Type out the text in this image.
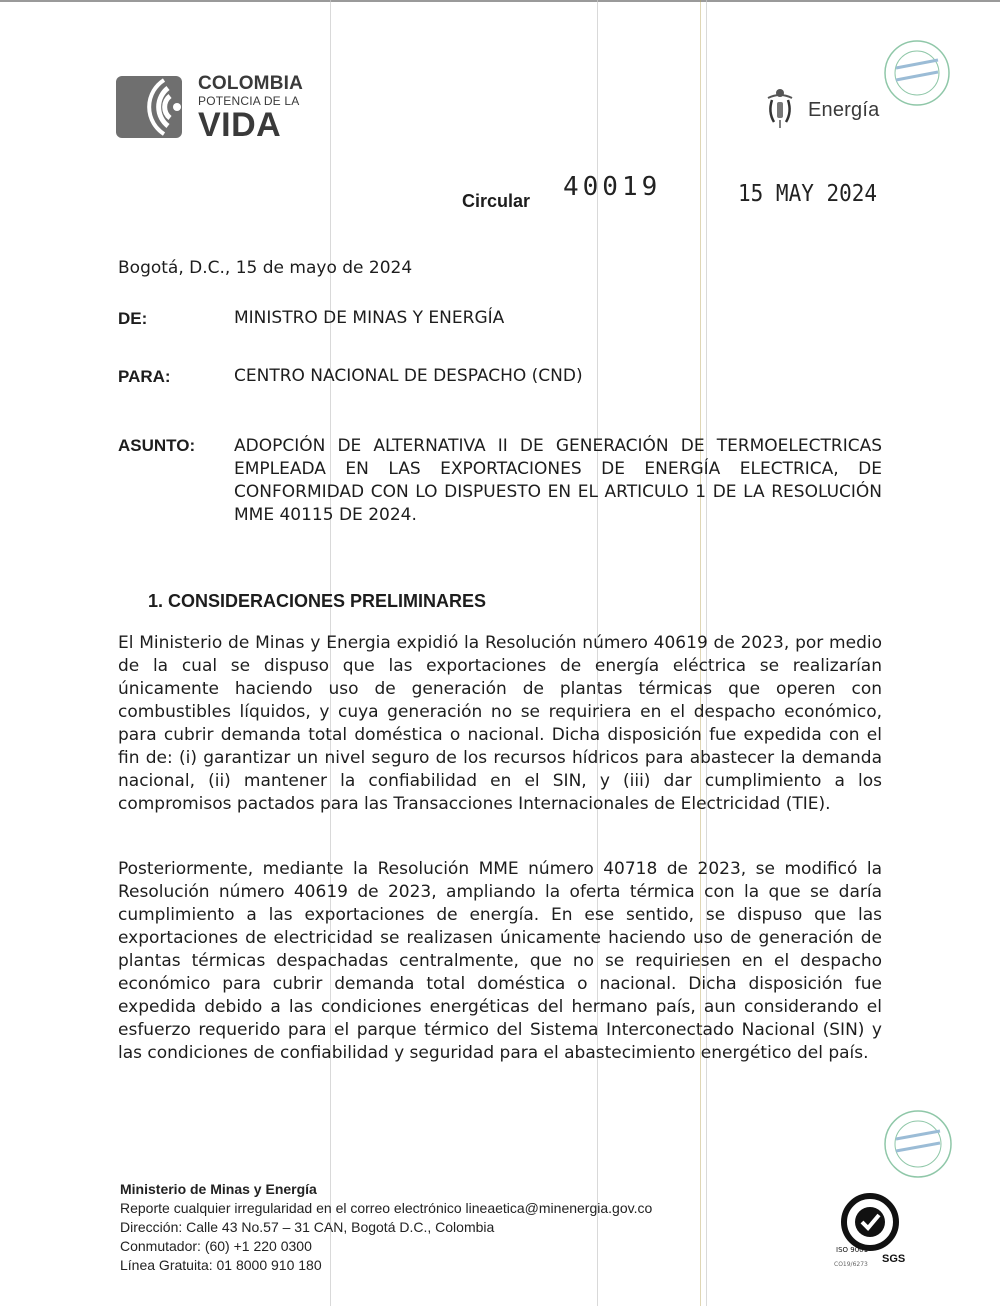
COLOMBIA
POTENCIA DE LA
VIDA	Energía
Circular 40019	15 MAY 2024
Bogotá, D.C., 15 de mayo de 2024
DE:	MINISTRO DE MINAS Y ENERGÍA
PARA:	CENTRO NACIONAL DE DESPACHO (CND)
ASUNTO: ADOPCIÓN DE ALTERNATIVA II DE GENERACIÓN DE TERMOELECTRICAS EMPLEADA EN LAS EXPORTACIONES DE ENERGÍA ELECTRICA, DE CONFORMIDAD CON LO DISPUESTO EN EL ARTICULO 1 DE LA RESOLUCIÓN MME 40115 DE 2024.
1. CONSIDERACIONES PRELIMINARES
El Ministerio de Minas y Energia expidió la Resolución número 40619 de 2023, por medio de la cual se dispuso que las exportaciones de energía eléctrica se realizarían únicamente haciendo uso de generación de plantas térmicas que operen con combustibles líquidos, y cuya generación no se requiriera en el despacho económico, para cubrir demanda total doméstica o nacional. Dicha disposición fue expedida con el fin de: (i) garantizar un nivel seguro de los recursos hídricos para abastecer la demanda nacional, (ii) mantener la confiabilidad en el SIN, y (iii) dar cumplimiento a los compromisos pactados para las Transacciones Internacionales de Electricidad (TIE).
Posteriormente, mediante la Resolución MME número 40718 de 2023, se modificó la Resolución número 40619 de 2023, ampliando la oferta térmica con la que se daría cumplimiento a las exportaciones de energía. En ese sentido, se dispuso que las exportaciones de electricidad se realizasen únicamente haciendo uso de generación de plantas térmicas despachadas centralmente, que no se requiriesen en el despacho económico para cubrir demanda total doméstica o nacional. Dicha disposición fue expedida debido a las condiciones energéticas del hermano país, aun considerando el esfuerzo requerido para el parque térmico del Sistema Interconectado Nacional (SIN) y las condiciones de confiabilidad y seguridad para el abastecimiento energético del país.
Ministerio de Minas y Energía
Reporte cualquier irregularidad en el correo electrónico lineaetica@minenergia.gov.co
Dirección: Calle 43 No.57 – 31 CAN, Bogotá D.C., Colombia
Conmutador: (60) +1 220 0300
Línea Gratuita: 01 8000 910 180
ISO 9001
SGS
CO19/6273
